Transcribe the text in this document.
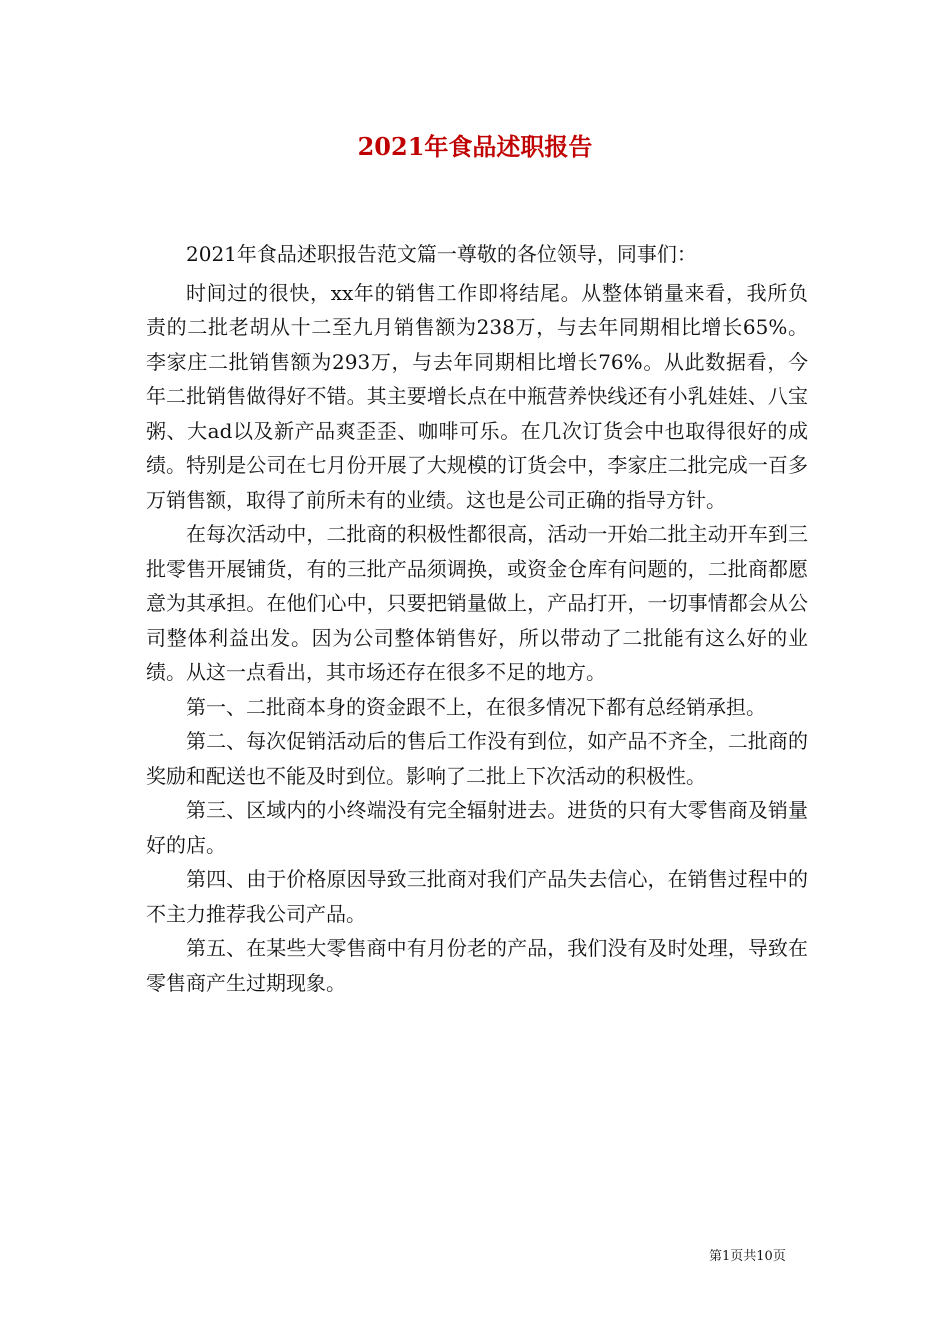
2021年食品述职报告

2021年食品述职报告范文篇一尊敬的各位领导，同事们：

时间过的很快，xx年的销售工作即将结尾。从整体销量来看，我所负责的二批老胡从十二至九月销售额为238万，与去年同期相比增长65%。李家庄二批销售额为293万，与去年同期相比增长76%。从此数据看，今年二批销售做得好不错。其主要增长点在中瓶营养快线还有小乳娃娃、八宝粥、大ad以及新产品爽歪歪、咖啡可乐。在几次订货会中也取得很好的成绩。特别是公司在七月份开展了大规模的订货会中，李家庄二批完成一百多万销售额，取得了前所未有的业绩。这也是公司正确的指导方针。

在每次活动中，二批商的积极性都很高，活动一开始二批主动开车到三批零售开展铺货，有的三批产品须调换，或资金仓库有问题的，二批商都愿意为其承担。在他们心中，只要把销量做上，产品打开，一切事情都会从公司整体利益出发。因为公司整体销售好，所以带动了二批能有这么好的业绩。从这一点看出，其市场还存在很多不足的地方。

第一、二批商本身的资金跟不上，在很多情况下都有总经销承担。

第二、每次促销活动后的售后工作没有到位，如产品不齐全，二批商的奖励和配送也不能及时到位。影响了二批上下次活动的积极性。

第三、区域内的小终端没有完全辐射进去。进货的只有大零售商及销量好的店。

第四、由于价格原因导致三批商对我们产品失去信心，在销售过程中的不主力推荐我公司产品。

第五、在某些大零售商中有月份老的产品，我们没有及时处理，导致在零售商产生过期现象。

第1页共10页
